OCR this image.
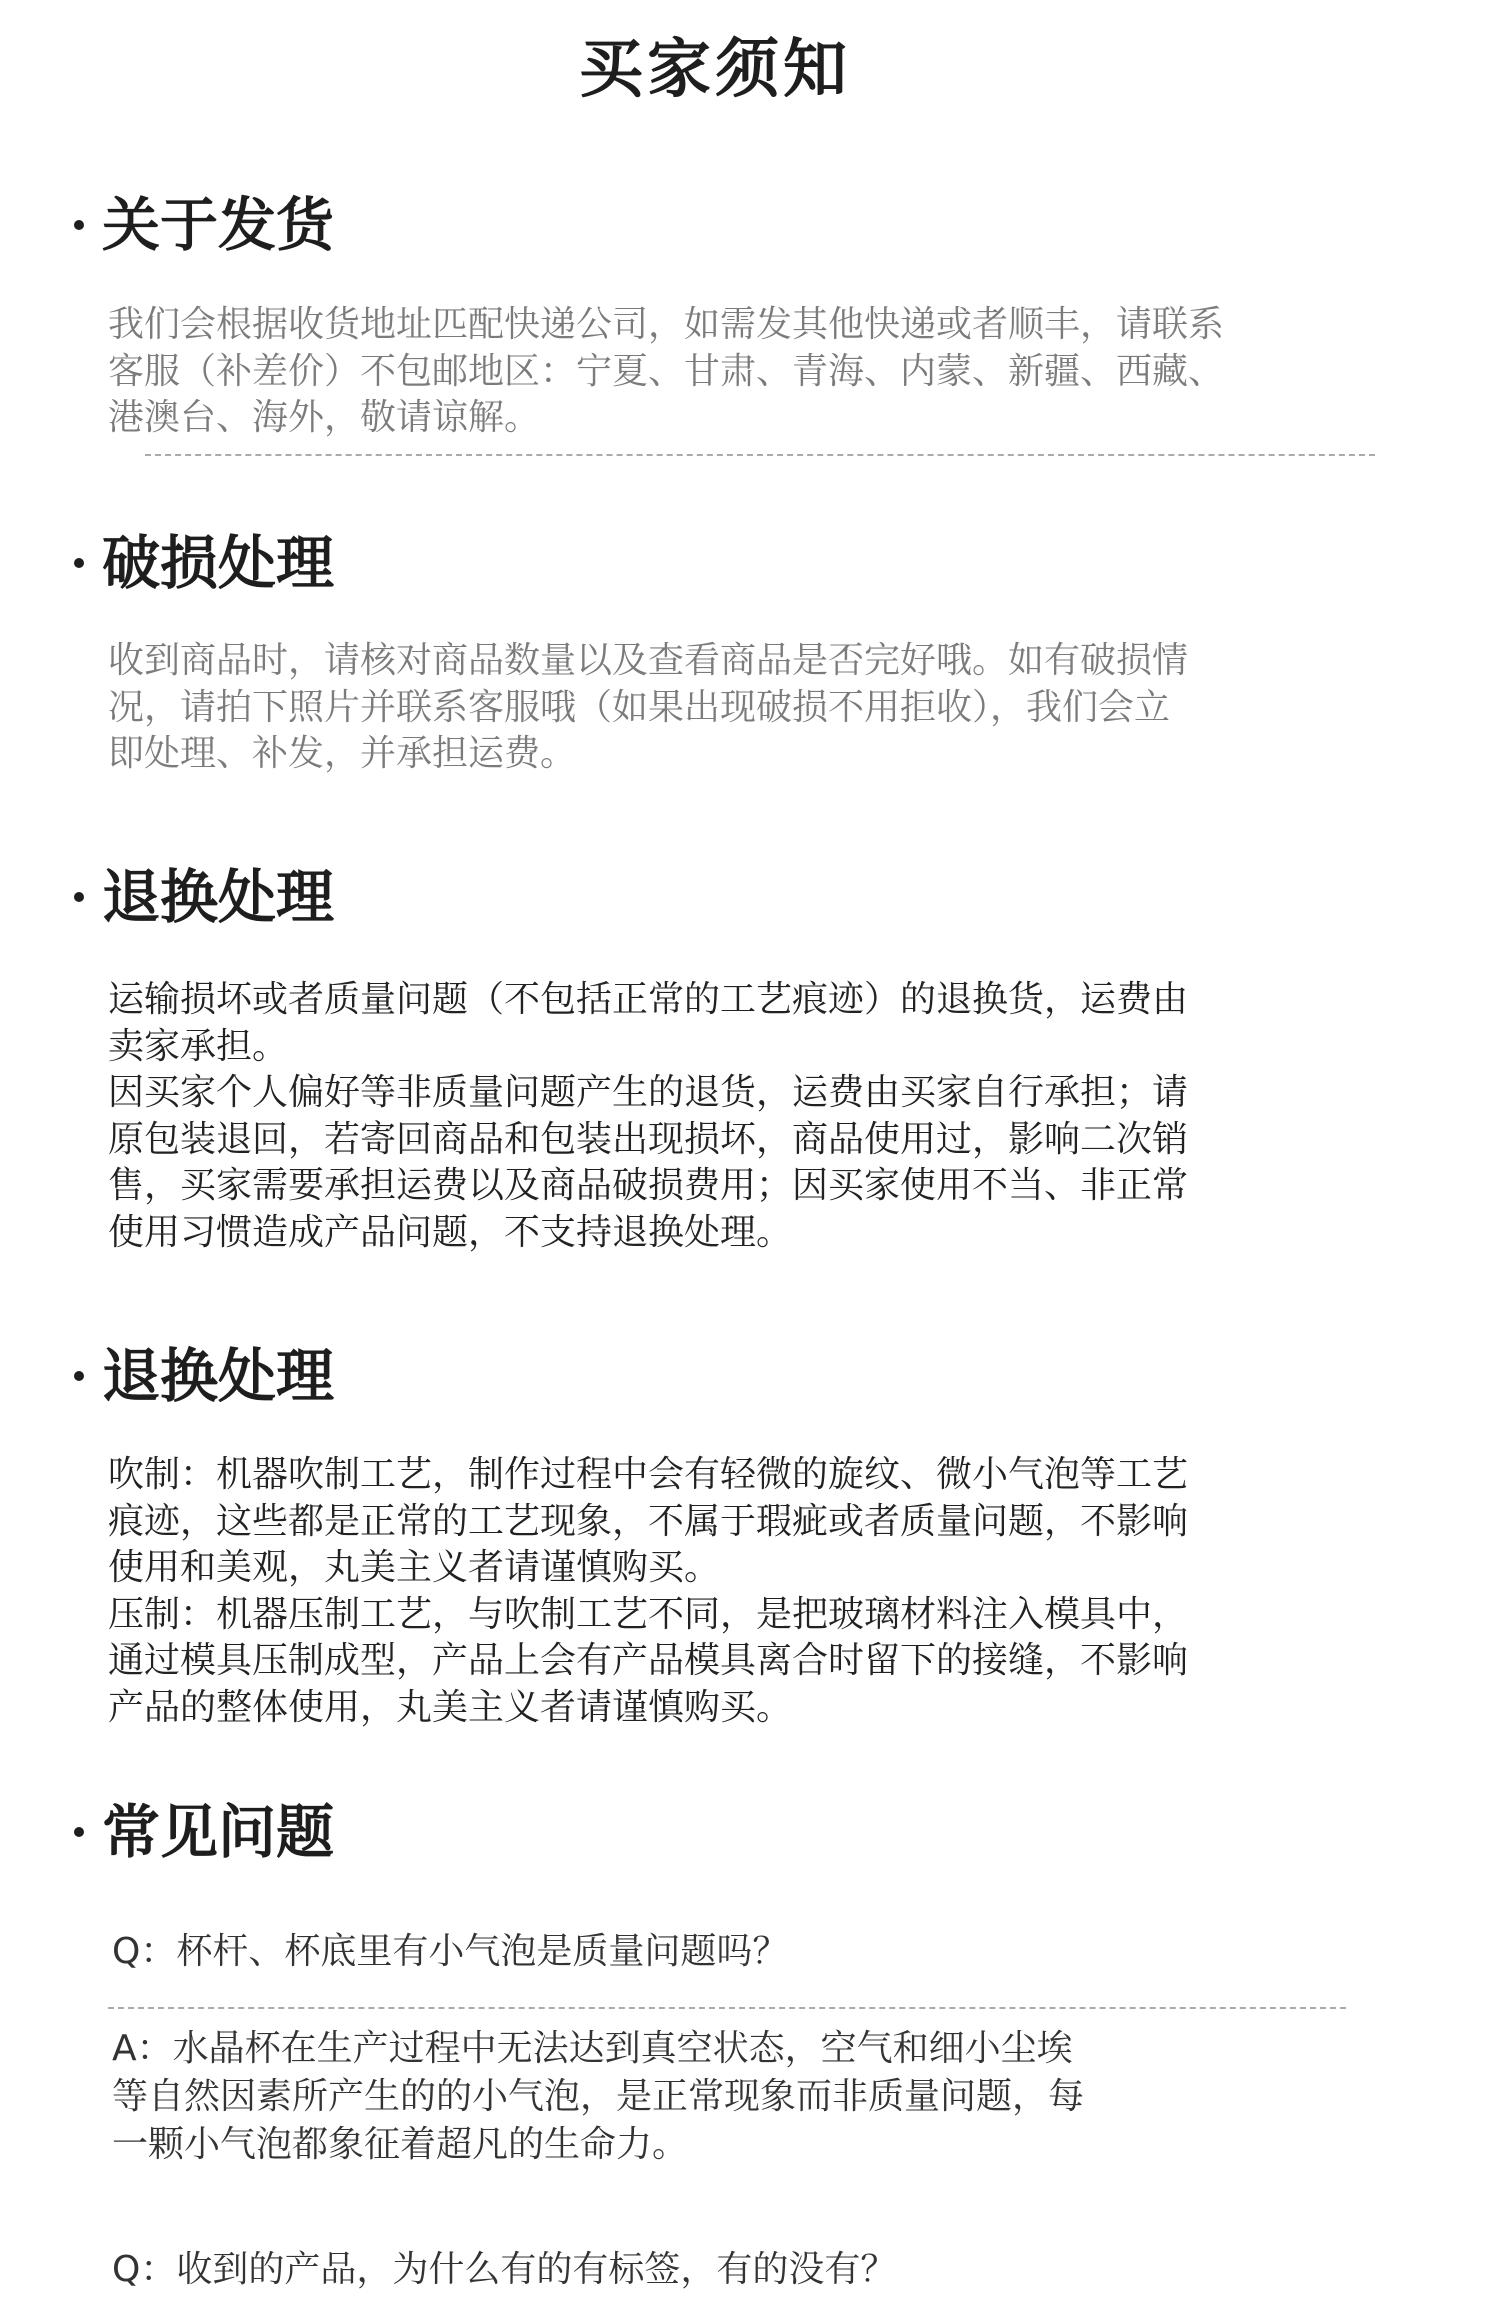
买家须知
关于发货
我们会根据收货地址匹配快递公司，如需发其他快递或者顺丰，请联系
客服（补差价）不包邮地区：宁夏、甘肃、青海、内蒙、新疆、西藏、
港澳台、海外，敬请谅解。
破损处理
收到商品时，请核对商品数量以及查看商品是否完好哦。如有破损情
况，请拍下照片并联系客服哦（如果出现破损不用拒收），我们会立
即处理、补发，并承担运费。
退换处理
运输损坏或者质量问题（不包括正常的工艺痕迹）的退换货，运费由
卖家承担。
因买家个人偏好等非质量问题产生的退货，运费由买家自行承担；请
原包装退回，若寄回商品和包装出现损坏，商品使用过，影响二次销
售，买家需要承担运费以及商品破损费用；因买家使用不当、非正常
使用习惯造成产品问题，不支持退换处理。
退换处理
吹制：机器吹制工艺，制作过程中会有轻微的旋纹、微小气泡等工艺
痕迹，这些都是正常的工艺现象，不属于瑕疵或者质量问题，不影响
使用和美观，丸美主义者请谨慎购买。
压制：机器压制工艺，与吹制工艺不同，是把玻璃材料注入模具中，
通过模具压制成型，产品上会有产品模具离合时留下的接缝，不影响
产品的整体使用，丸美主义者请谨慎购买。
常见问题
Q：杯杆、杯底里有小气泡是质量问题吗？
A：水晶杯在生产过程中无法达到真空状态，空气和细小尘埃
等自然因素所产生的的小气泡，是正常现象而非质量问题，每
一颗小气泡都象征着超凡的生命力。
Q：收到的产品，为什么有的有标签，有的没有？
